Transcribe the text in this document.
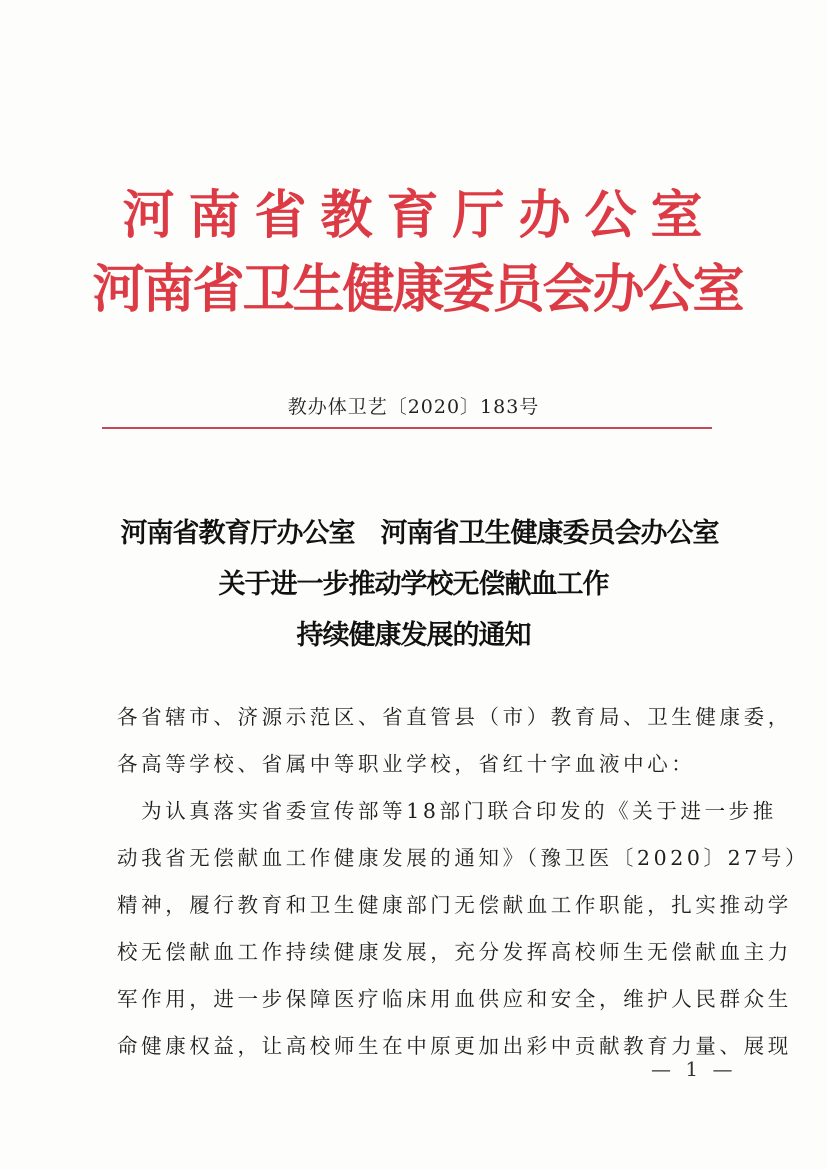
河南省教育厅办公室
河南省卫生健康委员会办公室
教办体卫艺〔2020〕183号
河南省教育厅办公室　河南省卫生健康委员会办公室
关于进一步推动学校无偿献血工作
持续健康发展的通知
各省辖市、济源示范区、省直管县（市）教育局、卫生健康委，
各高等学校、省属中等职业学校，省红十字血液中心：
　为认真落实省委宣传部等18部门联合印发的《关于进一步推
动我省无偿献血工作健康发展的通知》（豫卫医〔2020〕27号）
精神，履行教育和卫生健康部门无偿献血工作职能，扎实推动学
校无偿献血工作持续健康发展，充分发挥高校师生无偿献血主力
军作用，进一步保障医疗临床用血供应和安全，维护人民群众生
命健康权益，让高校师生在中原更加出彩中贡献教育力量、展现
— 1 —
